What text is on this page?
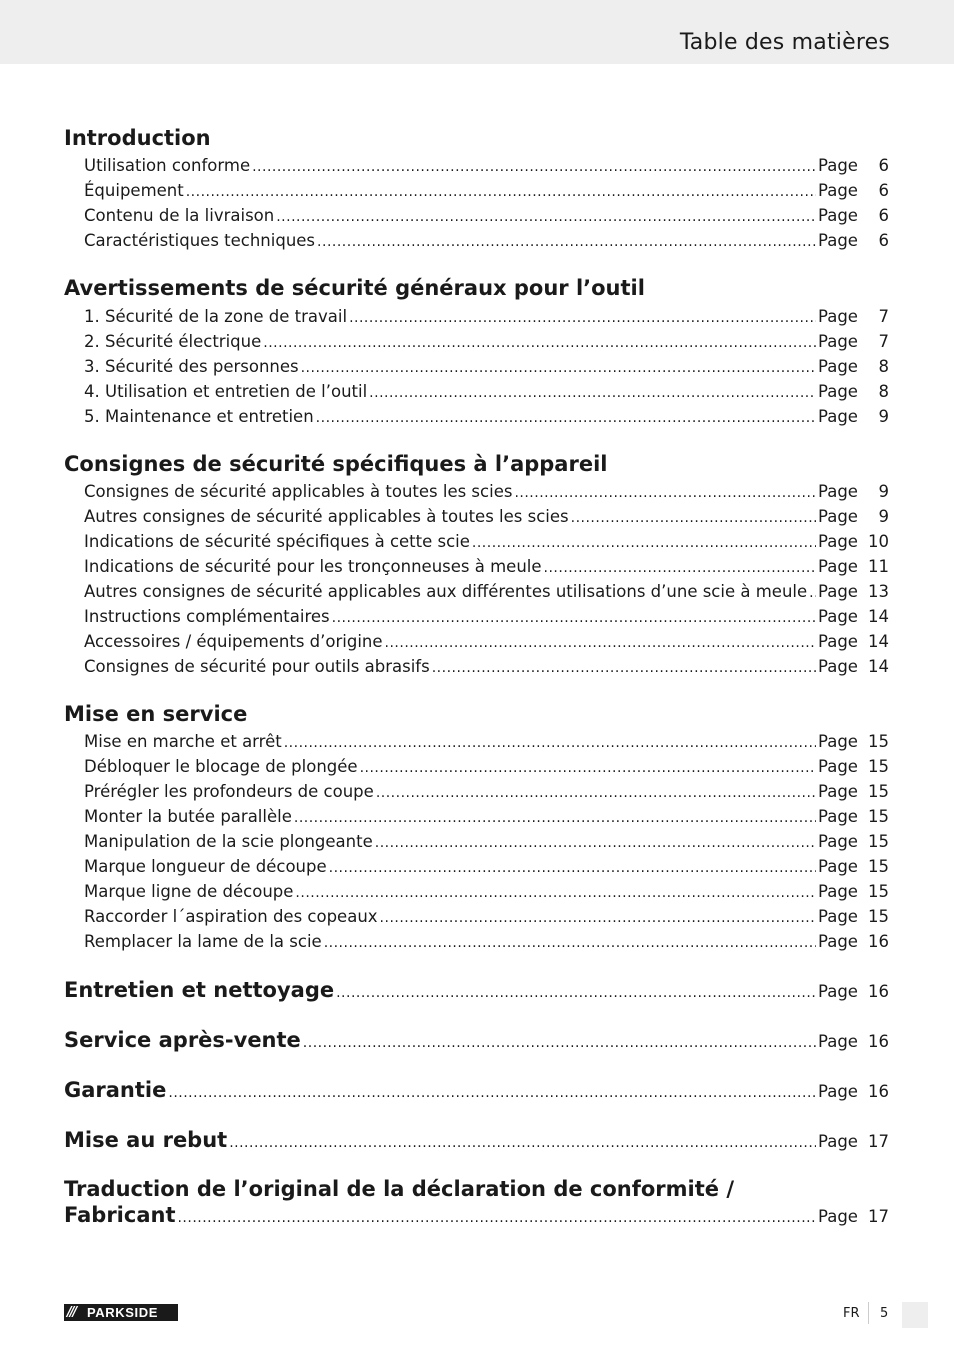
Table des matières
Introduction
Utilisation conforme .....	Page	6
Équipement .....	Page	6
Contenu de la livraison .....	Page	6
Caractéristiques techniques .....	Page	6
Avertissements de sécurité généraux pour l’outil
1. Sécurité de la zone de travail .....	Page	7
2. Sécurité électrique .....	Page	7
3. Sécurité des personnes .....	Page	8
4. Utilisation et entretien de l’outil .....	Page	8
5. Maintenance et entretien .....	Page	9
Consignes de sécurité spécifiques à l’appareil
Consignes de sécurité applicables à toutes les scies .....	Page	9
Autres consignes de sécurité applicables à toutes les scies .....	Page	9
Indications de sécurité spécifiques à cette scie .....	Page 10
Indications de sécurité pour les tronçonneuses à meule .....	Page 11
Autres consignes de sécurité applicables aux différentes utilisations d’une scie à meule ..... Page 13
Instructions complémentaires .....	Page 14
Accessoires / équipements d’origine .....	Page 14
Consignes de sécurité pour outils abrasifs .....	Page 14
Mise en service
Mise en marche et arrêt .....	Page 15
Débloquer le blocage de plongée .....	Page 15
Prérégler les profondeurs de coupe .....	Page 15
Monter la butée parallèle .....	Page 15
Manipulation de la scie plongeante .....	Page 15
Marque longueur de découpe .....	Page 15
Marque ligne de découpe .....	Page 15
Raccorder l´aspiration des copeaux .....	Page 15
Remplacer la lame de la scie .....	Page 16
Entretien et nettoyage .....	Page 16
Service après-vente .....	Page 16
Garantie .....	Page 16
Mise au rebut .....	Page 17
Traduction de l’original de la déclaration de conformité /
Fabricant .....	Page 17
/// PARKSIDE	FR 5
